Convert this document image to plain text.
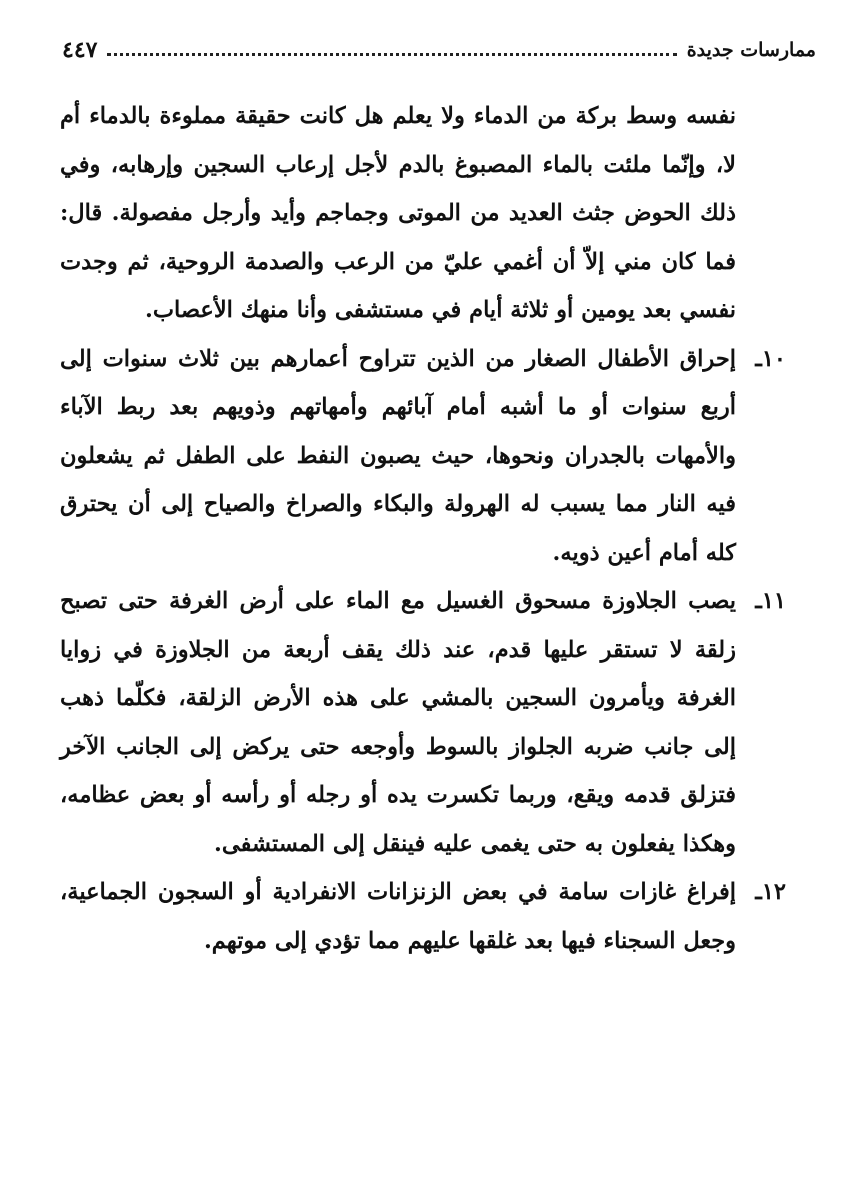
ممارسات جديدة
٤٤٧

نفسه وسط بركة من الدماء ولا يعلم هل كانت حقيقة مملوءة بالدماء أم لا، وإنّما ملئت بالماء المصبوغ بالدم لأجل إرعاب السجين وإرهابه، وفي ذلك الحوض جثث العديد من الموتى وجماجم وأيد وأرجل مفصولة. قال: فما كان مني إلاّ أن أغمي عليّ من الرعب والصدمة الروحية، ثم وجدت نفسي بعد يومين أو ثلاثة أيام في مستشفى وأنا منهك الأعصاب.

١٠ـ
إحراق الأطفال الصغار من الذين تتراوح أعمارهم بين ثلاث سنوات إلى أربع سنوات أو ما أشبه أمام آبائهم وأمهاتهم وذويهم بعد ربط الآباء والأمهات بالجدران ونحوها، حيث يصبون النفط على الطفل ثم يشعلون فيه النار مما يسبب له الهرولة والبكاء والصراخ والصياح إلى أن يحترق كله أمام أعين ذويه.

١١ـ
يصب الجلاوزة مسحوق الغسيل مع الماء على أرض الغرفة حتى تصبح زلقة لا تستقر عليها قدم، عند ذلك يقف أربعة من الجلاوزة في زوايا الغرفة ويأمرون السجين بالمشي على هذه الأرض الزلقة، فكلّما ذهب إلى جانب ضربه الجلواز بالسوط وأوجعه حتى يركض إلى الجانب الآخر فتزلق قدمه ويقع، وربما تكسرت يده أو رجله أو رأسه أو بعض عظامه، وهكذا يفعلون به حتى يغمى عليه فينقل إلى المستشفى.

١٢ـ
إفراغ غازات سامة في بعض الزنزانات الانفرادية أو السجون الجماعية، وجعل السجناء فيها بعد غلقها عليهم مما تؤدي إلى موتهم.
